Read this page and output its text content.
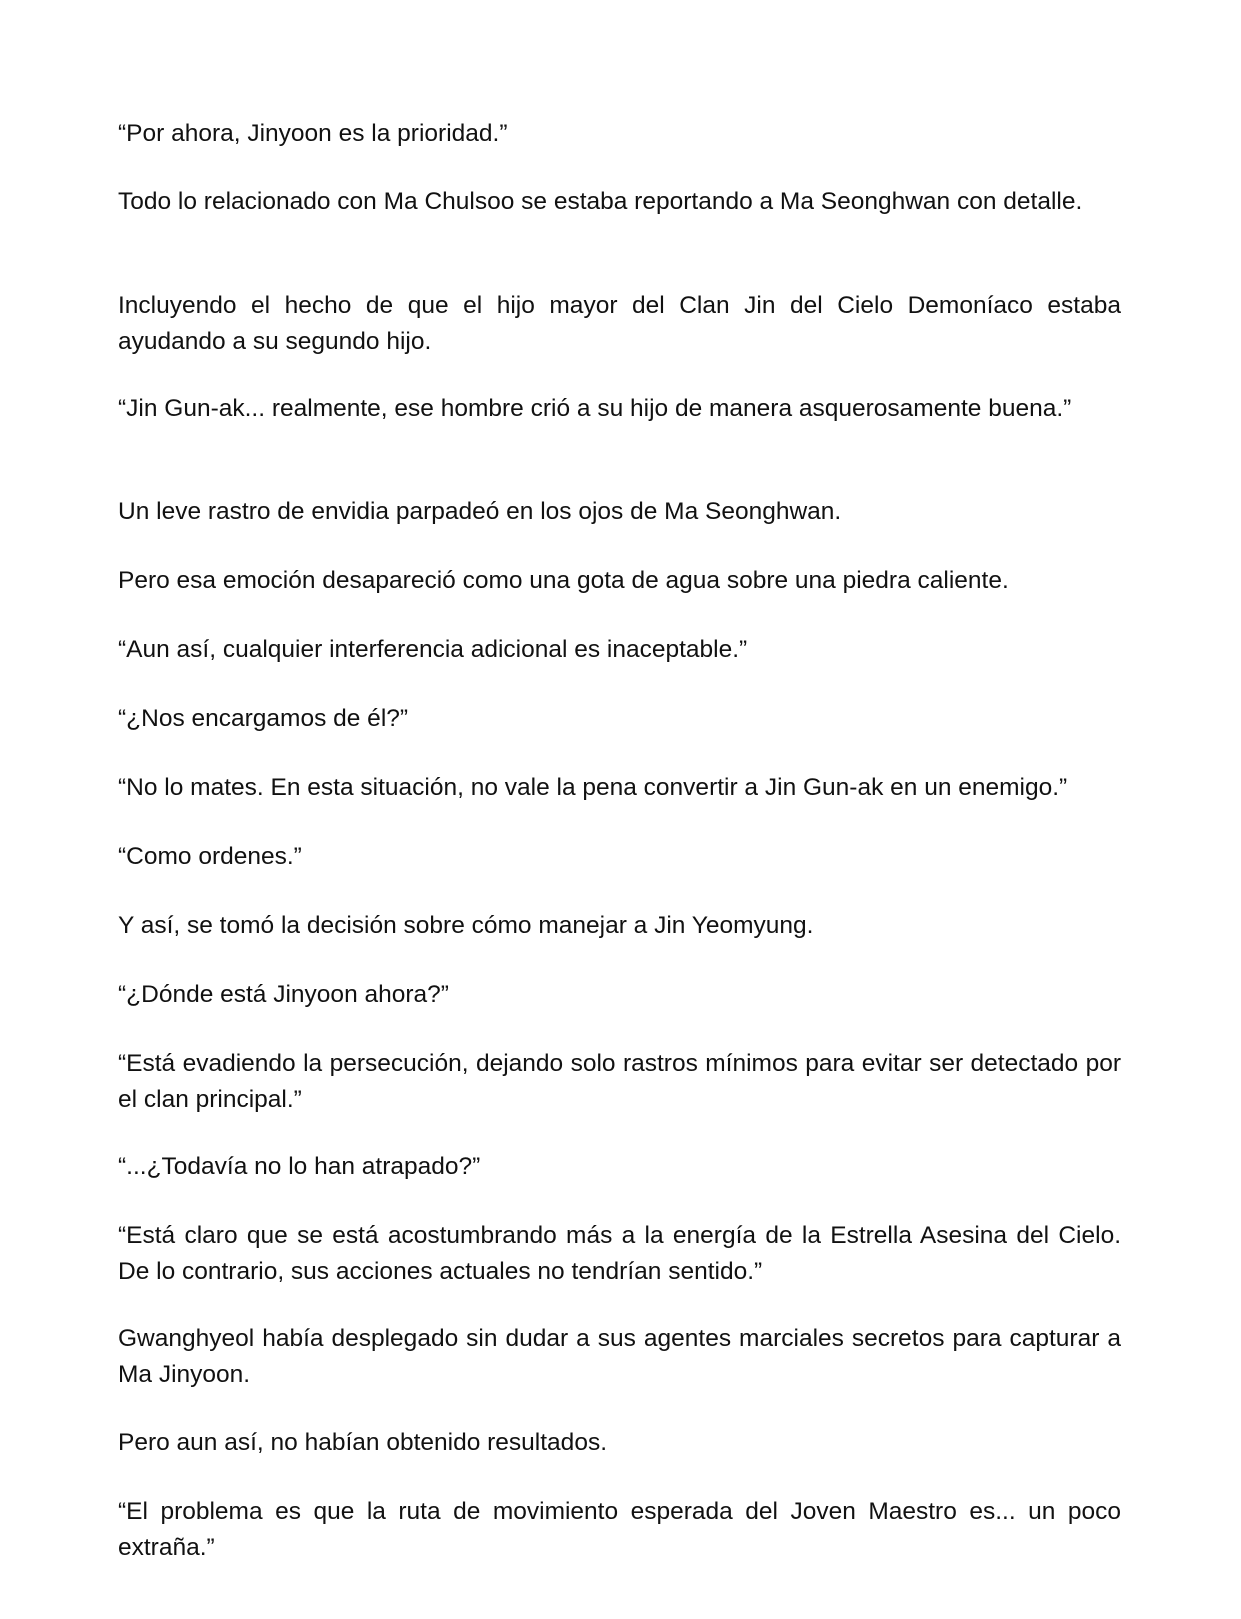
“Por ahora, Jinyoon es la prioridad.”

Todo lo relacionado con Ma Chulsoo se estaba reportando a Ma Seonghwan con detalle.

Incluyendo el hecho de que el hijo mayor del Clan Jin del Cielo Demoníaco estaba ayudando a su segundo hijo.

“Jin Gun-ak... realmente, ese hombre crió a su hijo de manera asquerosamente buena.”

Un leve rastro de envidia parpadeó en los ojos de Ma Seonghwan.

Pero esa emoción desapareció como una gota de agua sobre una piedra caliente.

“Aun así, cualquier interferencia adicional es inaceptable.”

“¿Nos encargamos de él?”

“No lo mates. En esta situación, no vale la pena convertir a Jin Gun-ak en un enemigo.”

“Como ordenes.”

Y así, se tomó la decisión sobre cómo manejar a Jin Yeomyung.

“¿Dónde está Jinyoon ahora?”

“Está evadiendo la persecución, dejando solo rastros mínimos para evitar ser detectado por el clan principal.”

“...¿Todavía no lo han atrapado?”

“Está claro que se está acostumbrando más a la energía de la Estrella Asesina del Cielo. De lo contrario, sus acciones actuales no tendrían sentido.”

Gwanghyeol había desplegado sin dudar a sus agentes marciales secretos para capturar a Ma Jinyoon.

Pero aun así, no habían obtenido resultados.

“El problema es que la ruta de movimiento esperada del Joven Maestro es... un poco extraña.”
